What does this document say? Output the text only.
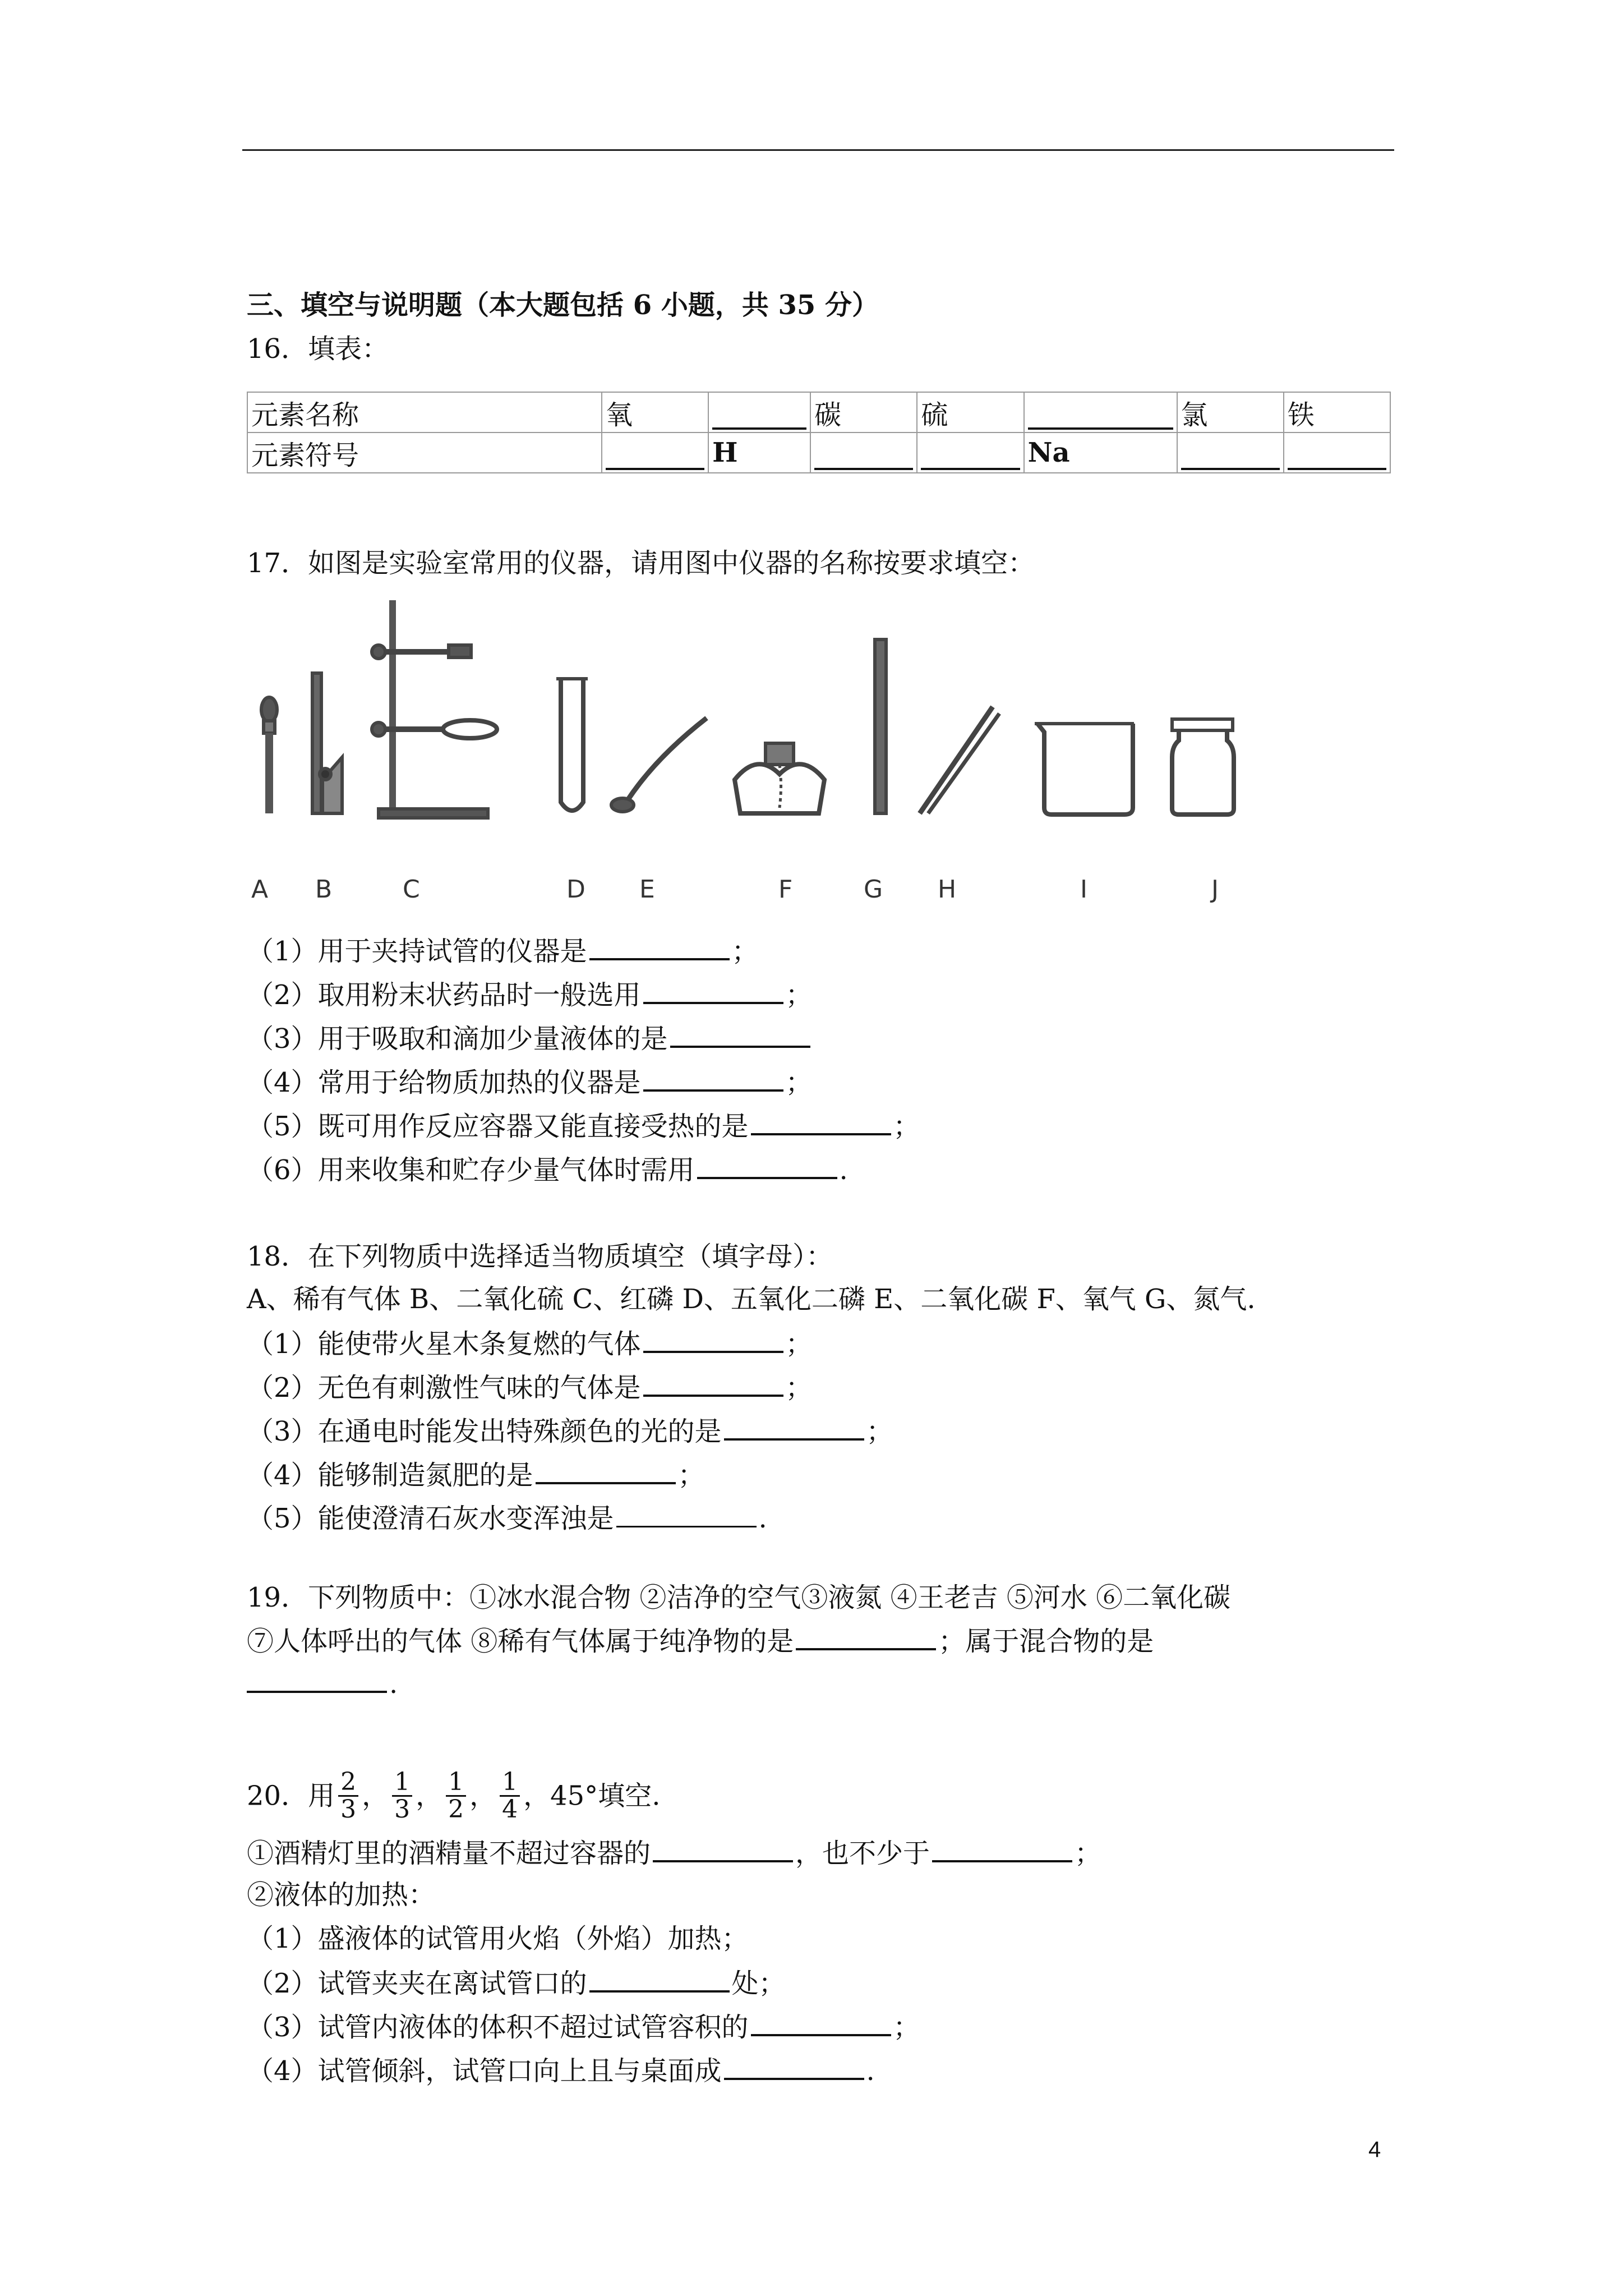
三、填空与说明题（本大题包括 6 小题，共 35 分）
16．填表：
元素名称	氧		碳	硫		氯	铁
元素符号		H			Na	

17．如图是实验室常用的仪器，请用图中仪器的名称按要求填空：
A B	C	D E	F	G H	I	J
（1）用于夹持试管的仪器是	；
（2）取用粉末状药品时一般选用	；
（3）用于吸取和滴加少量液体的是
（4）常用于给物质加热的仪器是	；
（5）既可用作反应容器又能直接受热的是	；
（6）用来收集和贮存少量气体时需用	.
18．在下列物质中选择适当物质填空（填字母）：
A、稀有气体 B、二氧化硫 C、红磷 D、五氧化二磷 E、二氧化碳 F、氧气 G、氮气.
（1）能使带火星木条复燃的气体	；
（2）无色有刺激性气味的气体是	；
（3）在通电时能发出特殊颜色的光的是	；
（4）能够制造氮肥的是	；
（5）能使澄清石灰水变浑浊是	.
19．下列物质中：①冰水混合物 ②洁净的空气③液氮 ④王老吉 ⑤河水 ⑥二氧化碳
⑦人体呼出的气体 ⑧稀有气体属于纯净物的是	；属于混合物的是
.
20．用 $\frac{2}{3}$ ， $\frac{1}{3}$ ， $\frac{1}{2}$ ， $\frac{1}{4}$ ，45°填空.
①酒精灯里的酒精量不超过容器的	，也不少于	；
②液体的加热：
（1）盛液体的试管用火焰（外焰）加热；
（2）试管夹夹在离试管口的	处；
（3）试管内液体的体积不超过试管容积的	；
（4）试管倾斜，试管口向上且与桌面成	.
4
